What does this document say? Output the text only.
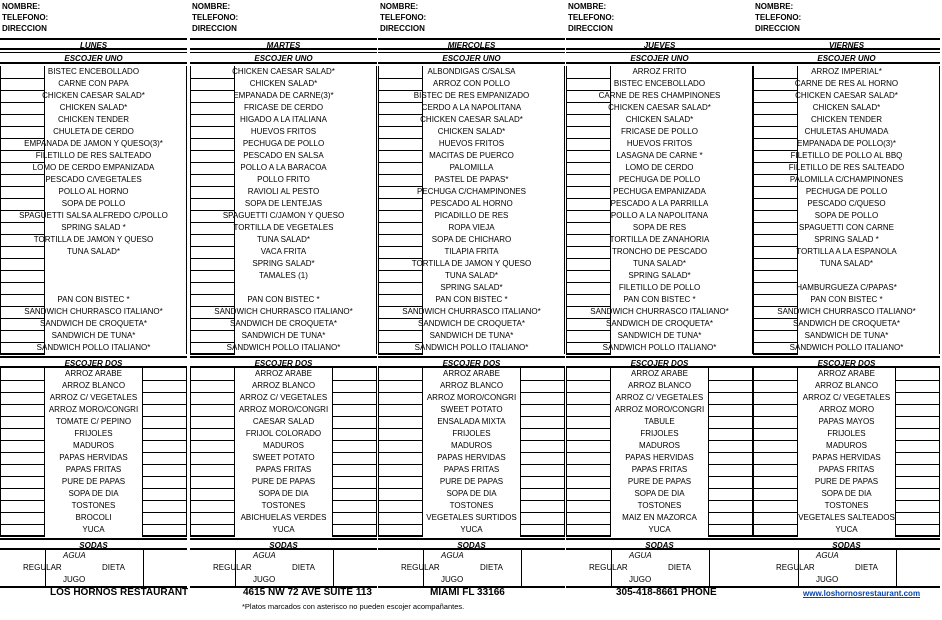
NOMBRE:
TELEFONO:
DIRECCION
LUNES
ESCOJER UNO
BISTEC ENCEBOLLADO
CARNE CON PAPA
CHICKEN CAESAR SALAD*
CHICKEN SALAD*
CHICKEN TENDER
CHULETA DE CERDO
EMPANADA DE JAMON Y QUESO(3)*
FILETILLO DE RES SALTEADO
LOMO DE CERDO EMPANIZADA
PESCADO C/VEGETALES
POLLO AL HORNO
SOPA DE POLLO
SPAGUETTI SALSA ALFREDO C/POLLO
SPRING SALAD *
TORTILLA DE JAMON Y QUESO
TUNA SALAD*
PAN CON BISTEC *
SANDWICH CHURRASCO ITALIANO*
SANDWICH DE CROQUETA*
SANDWICH DE TUNA*
SANDWICH POLLO ITALIANO*
ESCOJER DOS
ARROZ ARABE
ARROZ BLANCO
ARROZ C/ VEGETALES
ARROZ MORO/CONGRI
TOMATE C/ PEPINO
FRIJOLES
MADUROS
PAPAS HERVIDAS
PAPAS FRITAS
PURE DE PAPAS
SOPA DE DIA
TOSTONES
BROCOLI
YUCA
SODAS
AGUA
REGULAR	DIETA
JUGO
NOMBRE:
TELEFONO:
DIRECCION
MARTES
ESCOJER UNO
CHICKEN CAESAR SALAD*
CHICKEN SALAD*
EMPANADA DE CARNE(3)*
FRICASE DE CERDO
HIGADO A LA ITALIANA
HUEVOS FRITOS
PECHUGA DE POLLO
PESCADO EN SALSA
POLLO A LA BARACOA
POLLO FRITO
RAVIOLI AL PESTO
SOPA DE LENTEJAS
SPAGUETTI C/JAMON Y QUESO
TORTILLA DE VEGETALES
TUNA SALAD*
VACA FRITA
SPRING SALAD*
TAMALES (1)
PAN CON BISTEC *
SANDWICH CHURRASCO ITALIANO*
SANDWICH DE CROQUETA*
SANDWICH DE TUNA*
SANDWICH POLLO ITALIANO*
ESCOJER DOS
ARROZ ARABE
ARROZ BLANCO
ARROZ C/ VEGETALES
ARROZ MORO/CONGRI
CAESAR SALAD
FRIJOL COLORADO
MADUROS
SWEET POTATO
PAPAS FRITAS
PURE DE PAPAS
SOPA DE DIA
TOSTONES
ABICHUELAS VERDES
YUCA
SODAS
AGUA
REGULAR	DIETA
JUGO
NOMBRE:
TELEFONO:
DIRECCION
MIERCOLES
ESCOJER UNO
ALBONDIGAS C/SALSA
ARROZ CON POLLO
BISTEC DE RES EMPANIZADO
CERDO A LA NAPOLITANA
CHICKEN CAESAR SALAD*
CHICKEN SALAD*
HUEVOS FRITOS
MACITAS DE PUERCO
PALOMILLA
PASTEL DE PAPAS*
PECHUGA C/CHAMPINONES
PESCADO AL HORNO
PICADILLO DE RES
ROPA VIEJA
SOPA DE CHICHARO
TILAPIA FRITA
TORTILLA DE JAMON Y QUESO
TUNA SALAD*
SPRING SALAD*
PAN CON BISTEC *
SANDWICH CHURRASCO ITALIANO*
SANDWICH DE CROQUETA*
SANDWICH DE TUNA*
SANDWICH POLLO ITALIANO*
ESCOJER DOS
ARROZ ARABE
ARROZ BLANCO
ARROZ MORO/CONGRI
SWEET POTATO
ENSALADA MIXTA
FRIJOLES
MADUROS
PAPAS HERVIDAS
PAPAS FRITAS
PURE DE PAPAS
SOPA DE DIA
TOSTONES
VEGETALES SURTIDOS
YUCA
SODAS
AGUA
REGULAR	DIETA
JUGO
NOMBRE:
TELEFONO:
DIRECCION
JUEVES
ESCOJER UNO
ARROZ FRITO
BISTEC ENCEBOLLADO
CARNE DE RES CHAMPINONES
CHICKEN CAESAR SALAD*
CHICKEN SALAD*
FRICASE DE POLLO
HUEVOS FRITOS
LASAGNA DE CARNE *
LOMO DE CERDO
PECHUGA DE POLLO
PECHUGA EMPANIZADA
PESCADO A LA PARRILLA
POLLO A LA NAPOLITANA
SOPA DE RES
TORTILLA DE ZANAHORIA
TRONCHO DE PESCADO
TUNA SALAD*
SPRING SALAD*
FILETILLO DE POLLO
PAN CON BISTEC *
SANDWICH CHURRASCO ITALIANO*
SANDWICH DE CROQUETA*
SANDWICH DE TUNA*
SANDWICH POLLO ITALIANO*
ESCOJER DOS
ARROZ ARABE
ARROZ BLANCO
ARROZ C/ VEGETALES
ARROZ MORO/CONGRI
TABULE
FRIJOLES
MADUROS
PAPAS HERVIDAS
PAPAS FRITAS
PURE DE PAPAS
SOPA DE DIA
TOSTONES
MAIZ EN MAZORCA
YUCA
SODAS
AGUA
REGULAR	DIETA
JUGO
NOMBRE:
TELEFONO:
DIRECCION
VIERNES
ESCOJER UNO
ARROZ IMPERIAL*
CARNE DE RES AL HORNO
CHICKEN CAESAR SALAD*
CHICKEN SALAD*
CHICKEN TENDER
CHULETAS AHUMADA
EMPANADA DE POLLO(3)*
FILETILLO DE POLLO AL BBQ
FILETILLO DE RES SALTEADO
PALOMILLA C/CHAMPINONES
PECHUGA DE POLLO
PESCADO C/QUESO
SOPA DE POLLO
SPAGUETTI CON CARNE
SPRING SALAD *
TORTILLA A LA ESPANOLA
TUNA SALAD*
HAMBURGUEZA C/PAPAS*
PAN CON BISTEC *
SANDWICH CHURRASCO ITALIANO*
SANDWICH DE CROQUETA*
SANDWICH DE TUNA*
SANDWICH POLLO ITALIANO*
ESCOJER DOS
ARROZ ARABE
ARROZ BLANCO
ARROZ C/ VEGETALES
ARROZ MORO
PAPAS MAYOS
FRIJOLES
MADUROS
PAPAS HERVIDAS
PAPAS FRITAS
PURE DE PAPAS
SOPA DE DIA
TOSTONES
VEGETALES SALTEADOS
YUCA
SODAS
AGUA
REGULAR	DIETA
JUGO
LOS HORNOS RESTAURANT	4615 NW 72 AVE SUITE 113	MIAMI FL 33166	305-418-8661 PHONE	www.loshornosrestaurant.com
*Platos marcados con asterisco no pueden escojer acompañantes.
